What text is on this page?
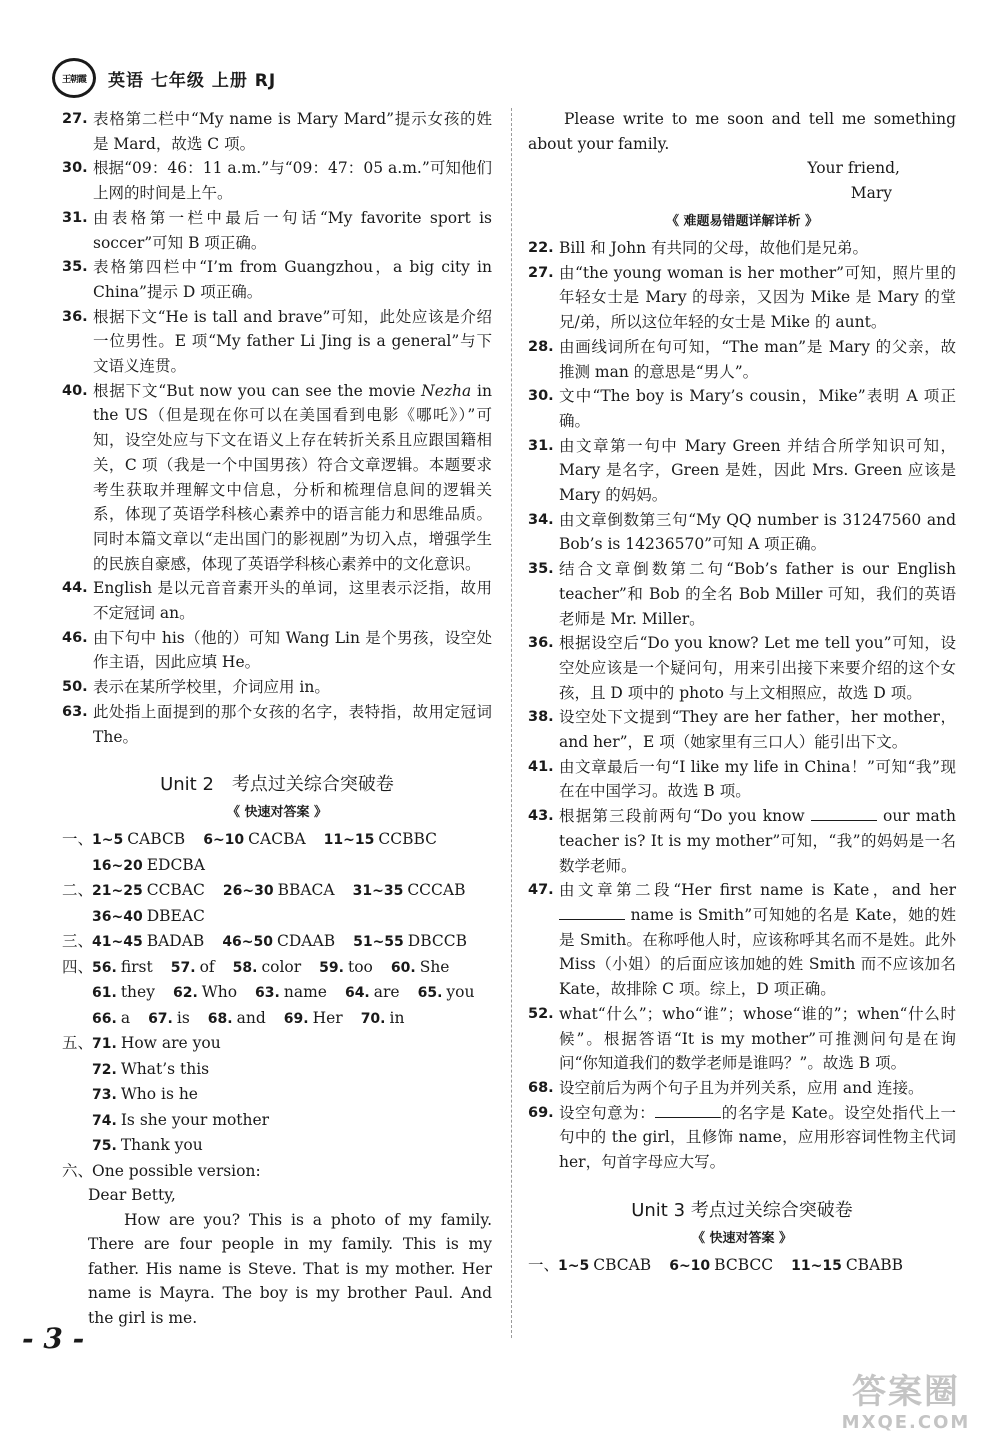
王朝霞 英语 七年级 上册 RJ
27. 表格第二栏中“My name is Mary Mard”提示女孩的姓是 Mard，故选 C 项。
30. 根据“09：46：11 a.m.”与“09：47：05 a.m.”可知他们上网的时间是上午。
31. 由表格第一栏中最后一句话“My favorite sport is soccer”可知 B 项正确。
35. 表格第四栏中“I’m from Guangzhou，a big city in China”提示 D 项正确。
36. 根据下文“He is tall and brave”可知，此处应该是介绍一位男性。E 项“My father Li Jing is a general”与下文语义连贯。
40. 根据下文“But now you can see the movie Nezha in the US（但是现在你可以在美国看到电影《哪吒》）”可知，设空处应与下文在语义上存在转折关系且应跟国籍相关，C 项（我是一个中国男孩）符合文章逻辑。本题要求考生获取并理解文中信息，分析和梳理信息间的逻辑关系，体现了英语学科核心素养中的语言能力和思维品质。同时本篇文章以“走出国门的影视剧”为切入点，增强学生的民族自豪感，体现了英语学科核心素养中的文化意识。
44. English 是以元音音素开头的单词，这里表示泛指，故用不定冠词 an。
46. 由下句中 his（他的）可知 Wang Lin 是个男孩，设空处作主语，因此应填 He。
50. 表示在某所学校里，介词应用 in。
63. 此处指上面提到的那个女孩的名字，表特指，故用定冠词 The。
Unit 2　考点过关综合突破卷
《 快速对答案 》
一、1~5 CABCB 6~10 CACBA 11~15 CCBBC
16~20 EDCBA
二、21~25 CCBAC 26~30 BBACA 31~35 CCCAB
36~40 DBEAC
三、41~45 BADAB 46~50 CDAAB 51~55 DBCCB
四、56. first 57. of 58. color 59. too 60. She
61. they 62. Who 63. name 64. are 65. you
66. a 67. is 68. and 69. Her 70. in
五、71. How are you
72. What’s this
73. Who is he
74. Is she your mother
75. Thank you
六、One possible version:
Dear Betty,
How are you? This is a photo of my family. There are four people in my family. This is my father. His name is Steve. That is my mother. Her name is Mayra. The boy is my brother Paul. And the girl is me.
Please write to me soon and tell me something about your family.
Your friend,
Mary
《 难题易错题详解详析 》
22. Bill 和 John 有共同的父母，故他们是兄弟。
27. 由“the young woman is her mother”可知，照片里的年轻女士是 Mary 的母亲，又因为 Mike 是 Mary 的堂兄/弟，所以这位年轻的女士是 Mike 的 aunt。
28. 由画线词所在句可知，“The man”是 Mary 的父亲，故推测 man 的意思是“男人”。
30. 文中“The boy is Mary’s cousin，Mike”表明 A 项正确。
31. 由文章第一句中 Mary Green 并结合所学知识可知，Mary 是名字，Green 是姓，因此 Mrs. Green 应该是 Mary 的妈妈。
34. 由文章倒数第三句“My QQ number is 31247560 and Bob’s is 14236570”可知 A 项正确。
35. 结合文章倒数第二句“Bob’s father is our English teacher”和 Bob 的全名 Bob Miller 可知，我们的英语老师是 Mr. Miller。
36. 根据设空后“Do you know? Let me tell you”可知，设空处应该是一个疑问句，用来引出接下来要介绍的这个女孩，且 D 项中的 photo 与上文相照应，故选 D 项。
38. 设空处下文提到“They are her father，her mother，and her”，E 项（她家里有三口人）能引出下文。
41. 由文章最后一句“I like my life in China！”可知“我”现在在中国学习。故选 B 项。
43. 根据第三段前两句“Do you know	our math teacher is? It is my mother”可知，“我”的妈妈是一名数学老师。
47. 由文章第二段“Her first name is Kate，and her  name is Smith”可知她的名是 Kate，她的姓是 Smith。在称呼他人时，应该称呼其名而不是姓。此外 Miss（小姐）的后面应该加她的姓 Smith 而不应该加名 Kate，故排除 C 项。综上，D 项正确。
52. what“什么”；who“谁”；whose“谁的”；when“什么时候”。根据答语“It is my mother”可推测问句是在询问“你知道我们的数学老师是谁吗？”。故选 B 项。
68. 设空前后为两个句子且为并列关系，应用 and 连接。
69. 设空句意为：	的名字是 Kate。设空处指代上一句中的 the girl，且修饰 name，应用形容词性物主代词 her，句首字母应大写。
Unit 3 考点过关综合突破卷
《 快速对答案 》
一、1~5 CBCAB 6~10 BCBCC 11~15 CBABB
- 3 -
答案圈
MXQE.COM
